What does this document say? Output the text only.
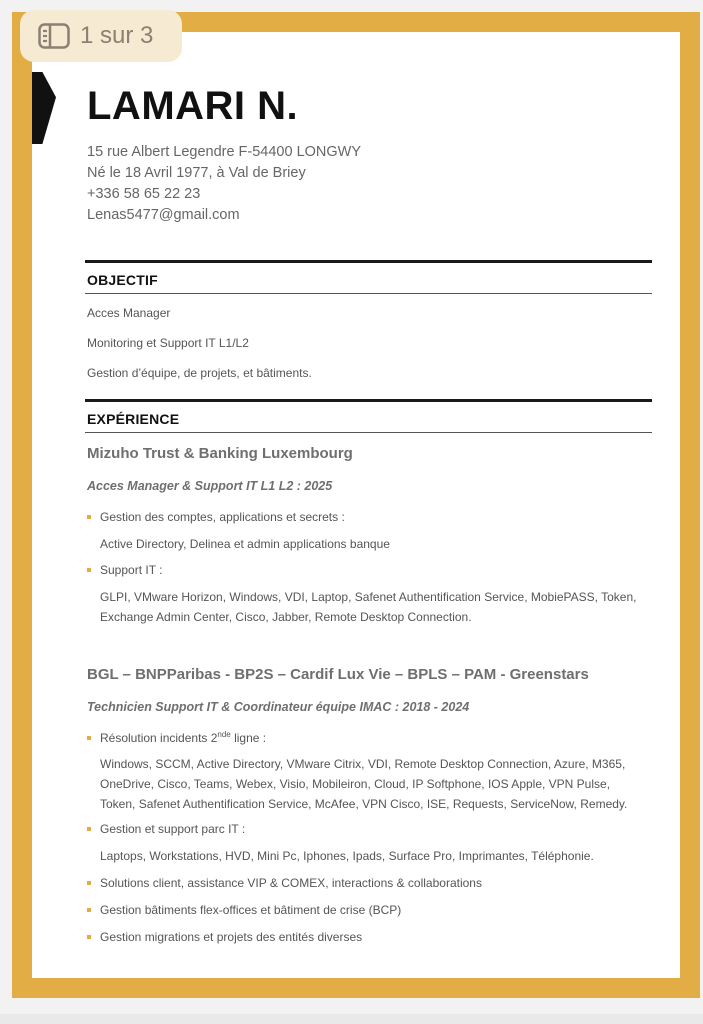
LAMARI N.
15 rue Albert Legendre F-54400 LONGWY
Né le 18 Avril 1977, à Val de Briey
+336 58 65 22 23
Lenas5477@gmail.com
OBJECTIF
Acces Manager
Monitoring et Support IT L1/L2
Gestion d’équipe, de projets, et bâtiments.
EXPÉRIENCE
Mizuho Trust & Banking Luxembourg
Acces Manager & Support IT L1 L2 : 2025
Gestion des comptes, applications et secrets :
Active Directory, Delinea et admin applications banque
Support IT :
GLPI, VMware Horizon, Windows, VDI, Laptop, Safenet Authentification Service, MobiePASS, Token,
Exchange Admin Center, Cisco, Jabber, Remote Desktop Connection.
BGL – BNPParibas - BP2S – Cardif Lux Vie – BPLS – PAM - Greenstars
Technicien Support IT & Coordinateur équipe IMAC : 2018 - 2024
Résolution incidents 2nde ligne :
Windows, SCCM, Active Directory, VMware Citrix, VDI, Remote Desktop Connection, Azure, M365,
OneDrive, Cisco, Teams, Webex, Visio, Mobileiron, Cloud, IP Softphone, IOS Apple, VPN Pulse,
Token, Safenet Authentification Service, McAfee, VPN Cisco, ISE, Requests, ServiceNow, Remedy.
Gestion et support parc IT :
Laptops, Workstations, HVD, Mini Pc, Iphones, Ipads, Surface Pro, Imprimantes, Téléphonie.
Solutions client, assistance VIP & COMEX, interactions & collaborations
Gestion bâtiments flex-offices et bâtiment de crise (BCP)
Gestion migrations et projets des entités diverses
1 sur 3
